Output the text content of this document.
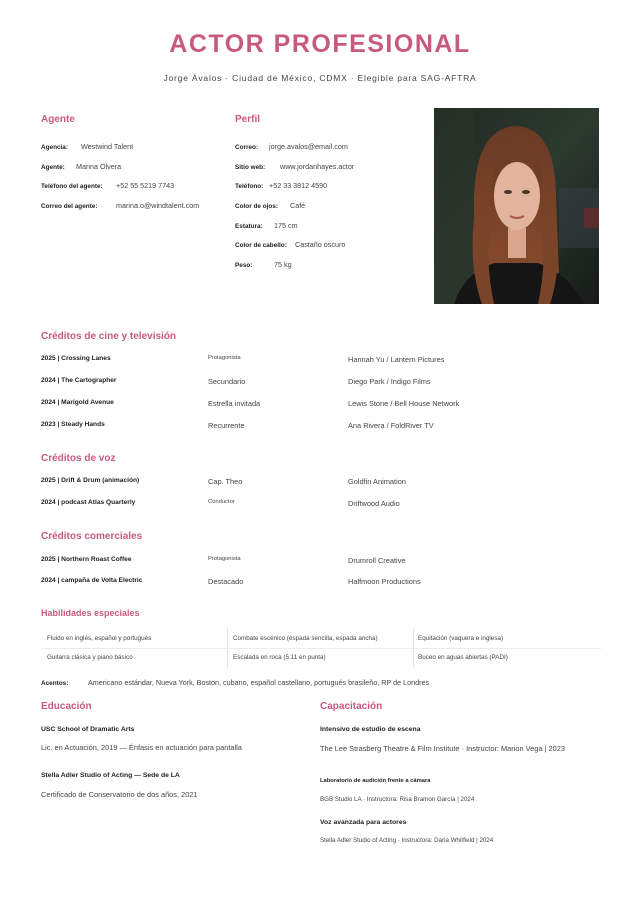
ACTOR PROFESIONAL
Jorge Ávalos · Ciudad de México, CDMX · Elegible para SAG-AFTRA
Agente
Agencia: Westwind Talent
Agente: Marina Olvera
Teléfono del agente: +52 55 5219 7743
Correo del agente:	marina.o@windtalent.com
Perfil
Correo: jorge.avalos@email.com
Sitio web: www.jordanhayes.actor
Teléfono: +52 33 3812 4590
Color de ojos: Café
Estatura: 175 cm
Color de cabello: Castaño oscuro
Peso:	75 kg
Créditos de cine y televisión
2025 | Crossing Lanes	Protagonista	Hannah Yu / Lantern Pictures
2024 | The Cartographer	Secundario	Diego Park / Indigo Films
2024 | Marigold Avenue	Estrella invitada	Lewis Stone / Bell House Network
2023 | Steady Hands	Recurrente	Ana Rivera / FoldRiver TV
Créditos de voz
2025 | Drift & Drum (animación)	Cap. Theo	Goldfin Animation
2024 | podcast Atlas Quarterly	Conductor	Driftwood Audio
Créditos comerciales
2025 | Northern Roast Coffee	Protagonista	Drumroll Creative
2024 | campaña de Volta Electric	Destacado	Halfmoon Productions
Habilidades especiales
Fluido en inglés, español y portugués	Combate escénico (espada sencilla, espada ancha)	Equitación (vaquera e inglesa)
Guitarra clásica y piano básico	Escalada en roca (5.11 en punta)	Buceo en aguas abiertas (PADI)
Acentos:	Americano estándar, Nueva York, Boston, cubano, español castellano, portugués brasileño, RP de Londres
Educación
USC School of Dramatic Arts
Lic. en Actuación, 2019 — Énfasis en actuación para pantalla
Stella Adler Studio of Acting — Sede de LA
Certificado de Conservatorio de dos años, 2021
Capacitación
Intensivo de estudio de escena
The Lee Strasberg Theatre & Film Institute · Instructor: Marion Vega | 2023
Laboratorio de audición frente a cámara
BGB Studio LA · Instructora: Risa Bramon García | 2024
Voz avanzada para actores
Stella Adler Studio of Acting · Instructora: Daria Whitfield | 2024
